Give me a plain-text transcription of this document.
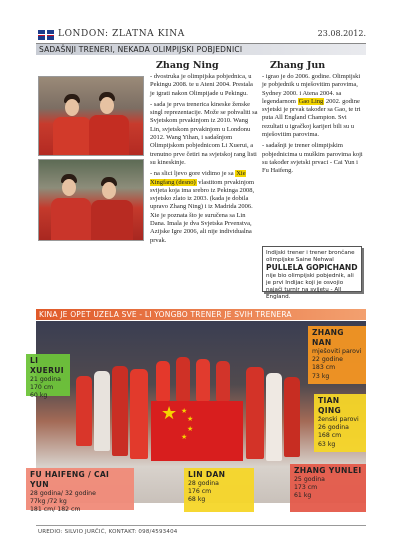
LONDON: ZLATNA KINA	23.08.2012.
SADAŠNJI TRENERI, NEKADA OLIMPIJSKI POBJEDNICI
Zhang Ning

- dvostruka je olimpijska pobjednica, u Pekingu 2008. te u Ateni 2004. Prestala je igrati nakon Olimpijade u Pekingu.

- sada je prva trenerica kineske ženske singl reprezentacije. Može se pohvaliti sa Svjetskom prvakinjom iz 2010. Wang Lin, svjetskom prvakinjom u Londonu 2012. Wang Yihan, i sadašnjom Olimpijskom pobjednicom Li Xuerui, a trenutno prve četiri na svjetskoj rang listi su kineskinje.

- na slici ljevo gore vidimo je sa Xie Xingfang (desno) vlastitom prvakinjom svijeta koja ima srebro iz Pekinga 2008, svjetsko zlato iz 2003. (kada je dobila upravo Zhang Ning) i iz Madrida 2006. Xie je poznata što je suručena sa Lin Dana. Imala je dva Svjetska Prvenstva, Azijske Igre 2006, ali nije individualna prvak.

Zhang Jun

- igrao je do 2006. godine. Olimpijski je pobjednik u mješovitim parovima, Sydney 2000. i Atena 2004. sa legendarnom Gao Ling 2002. godine svjetski je prvak također sa Gao, te tri puta All England Champion. Svi rezultati u igračkoj karijeri bili su u mješovitim parovima.

- sadašnji je trener olimpijskim pobjednicima u muškim parovima koji su također svjetski prvaci - Cai Yun i Fu Haifeng.

Indijski trener i trener brončane olimpijske Saine Nehwal PULLELA GOPICHAND nije bio olimpijski pobjednik, ali je prvi Indijac koji je osvojio najači turnir na svijetu - All England.
KINA JE OPET UZELA SVE - LI YONGBO TRENER JE SVIH TRENERA
★ ★
★
★
★
LI XUERUI
21 godina
170 cm
60 kg
ZHANG NAN
mješoviti parovi
22 godine
183 cm
73 kg
TIAN QING
ženski parovi
26 godina
168 cm
63 kg
FU HAIFENG / CAI YUN
28 godina/ 32 godine
77kg /72 kg
181 cm/ 182 cm
LIN DAN
28 godina
176 cm
68 kg
ZHANG YUNLEI
25 godina
173 cm
61 kg
UREDIO: SILVIO JURČIĆ, KONTAKT: 098/4593404
